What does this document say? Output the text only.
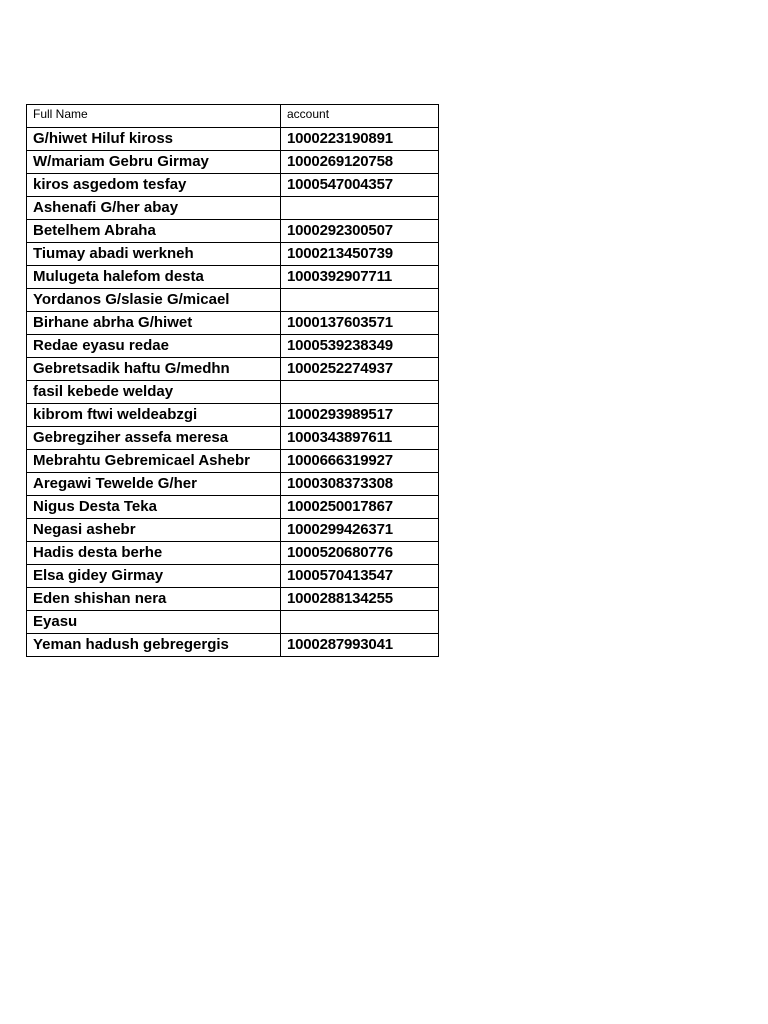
Full Name	account
G/hiwet Hiluf kiross	1000223190891
W/mariam Gebru Girmay	1000269120758
kiros asgedom tesfay	1000547004357
Ashenafi G/her abay	
Betelhem Abraha	1000292300507
Tiumay abadi werkneh	1000213450739
Mulugeta halefom desta	1000392907711
Yordanos G/slasie G/micael	
Birhane abrha G/hiwet	1000137603571
Redae eyasu redae	1000539238349
Gebretsadik haftu G/medhn	1000252274937
fasil kebede welday	
kibrom ftwi weldeabzgi	1000293989517
Gebregziher assefa meresa	1000343897611
Mebrahtu Gebremicael Ashebr	1000666319927
Aregawi Tewelde G/her	1000308373308
Nigus Desta Teka	1000250017867
Negasi ashebr	1000299426371
Hadis desta berhe	1000520680776
Elsa gidey Girmay	1000570413547
Eden shishan nera	1000288134255
Eyasu	
Yeman hadush gebregergis	1000287993041
